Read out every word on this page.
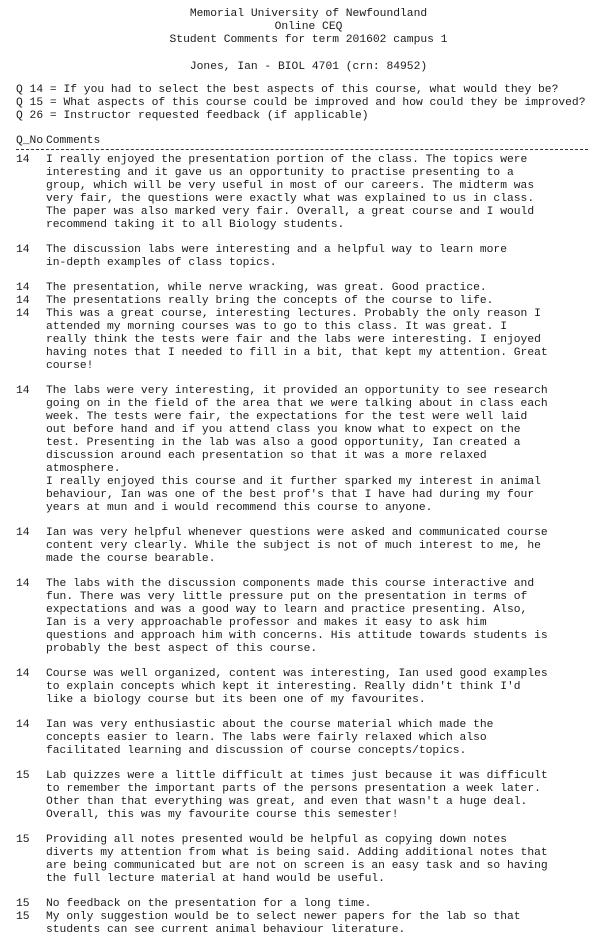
Memorial University of Newfoundland
Online CEQ
Student Comments for term 201602 campus 1
Jones, Ian - BIOL 4701 (crn: 84952)
Q 14 =
If you had to select the best aspects of this course, what would they be?
Q 15 =
What aspects of this course could be improved and how could they be improved?
Q 26 =
Instructor requested feedback (if applicable)
Q_No Comments
14	I really enjoyed the presentation portion of the class. The topics were
interesting and it gave us an opportunity to practise presenting to a
group, which will be very useful in most of our careers. The midterm was
very fair, the questions were exactly what was explained to us in class.
The paper was also marked very fair. Overall, a great course and I would
recommend taking it to all Biology students.
14	The discussion labs were interesting and a helpful way to learn more
in-depth examples of class topics.
14	The presentation, while nerve wracking, was great. Good practice.
14	The presentations really bring the concepts of the course to life.
14	This was a great course, interesting lectures. Probably the only reason I
attended my morning courses was to go to this class. It was great. I
really think the tests were fair and the labs were interesting. I enjoyed
having notes that I needed to fill in a bit, that kept my attention. Great
course!
14	The labs were very interesting, it provided an opportunity to see research
going on in the field of the area that we were talking about in class each
week. The tests were fair, the expectations for the test were well laid
out before hand and if you attend class you know what to expect on the
test. Presenting in the lab was also a good opportunity, Ian created a
discussion around each presentation so that it was a more relaxed
atmosphere.
I really enjoyed this course and it further sparked my interest in animal
behaviour, Ian was one of the best prof's that I have had during my four
years at mun and i would recommend this course to anyone.
14	Ian was very helpful whenever questions were asked and communicated course
content very clearly. While the subject is not of much interest to me, he
made the course bearable.
14	The labs with the discussion components made this course interactive and
fun. There was very little pressure put on the presentation in terms of
expectations and was a good way to learn and practice presenting. Also,
Ian is a very approachable professor and makes it easy to ask him
questions and approach him with concerns. His attitude towards students is
probably the best aspect of this course.
14	Course was well organized, content was interesting, Ian used good examples
to explain concepts which kept it interesting. Really didn't think I'd
like a biology course but its been one of my favourites.
14	Ian was very enthusiastic about the course material which made the
concepts easier to learn. The labs were fairly relaxed which also
facilitated learning and discussion of course concepts/topics.
15	Lab quizzes were a little difficult at times just because it was difficult
to remember the important parts of the persons presentation a week later.
Other than that everything was great, and even that wasn't a huge deal.
Overall, this was my favourite course this semester!
15	Providing all notes presented would be helpful as copying down notes
diverts my attention from what is being said. Adding additional notes that
are being communicated but are not on screen is an easy task and so having
the full lecture material at hand would be useful.
15	No feedback on the presentation for a long time.
15	My only suggestion would be to select newer papers for the lab so that
students can see current animal behaviour literature.
